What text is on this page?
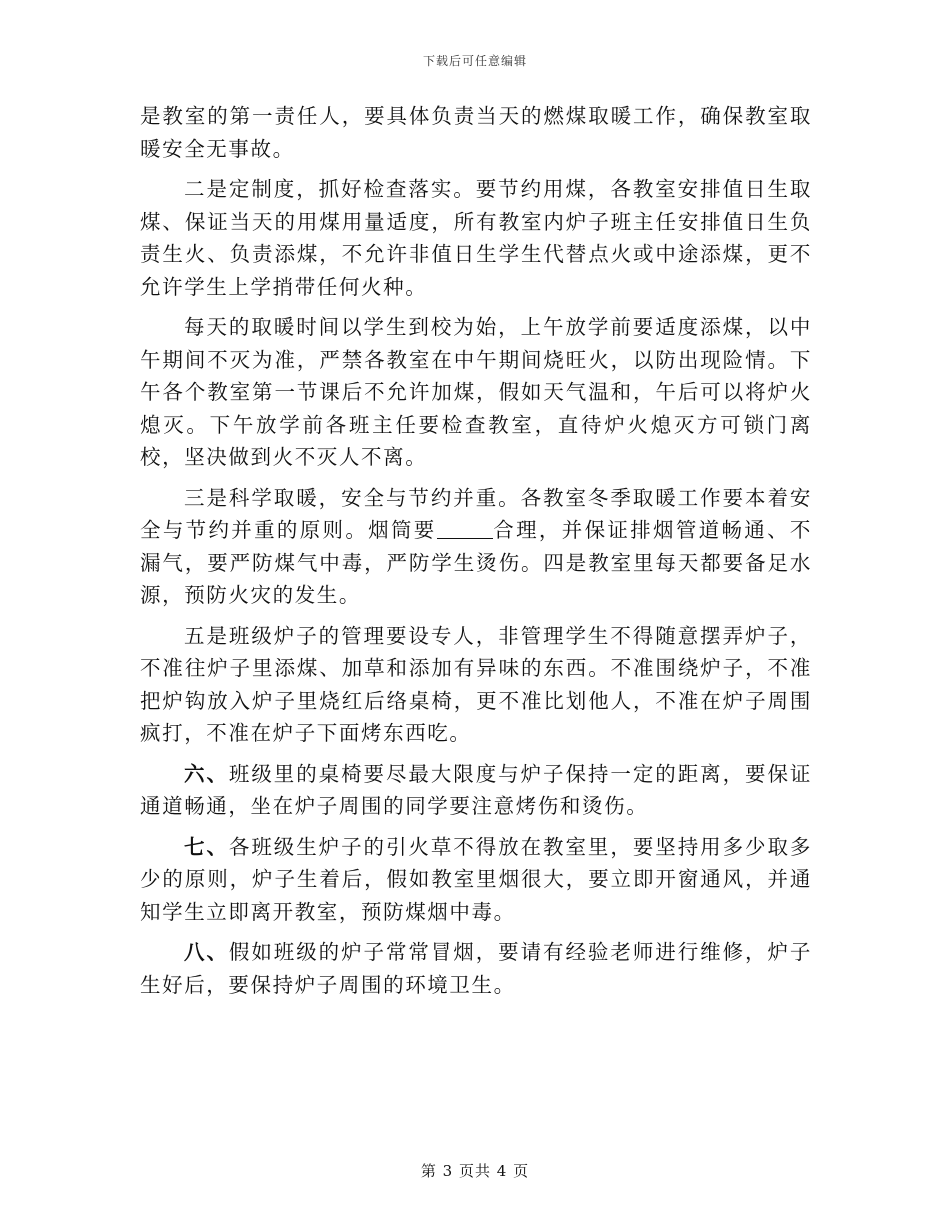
下载后可任意编辑

是教室的第一责任人，要具体负责当天的燃煤取暖工作，确保教室取暖安全无事故。

二是定制度，抓好检查落实。要节约用煤，各教室安排值日生取煤、保证当天的用煤用量适度，所有教室内炉子班主任安排值日生负责生火、负责添煤，不允许非值日生学生代替点火或中途添煤，更不允许学生上学捎带任何火种。

每天的取暖时间以学生到校为始，上午放学前要适度添煤，以中午期间不灭为准，严禁各教室在中午期间烧旺火，以防出现险情。下午各个教室第一节课后不允许加煤，假如天气温和，午后可以将炉火熄灭。下午放学前各班主任要检查教室，直待炉火熄灭方可锁门离校，坚决做到火不灭人不离。

三是科学取暖，安全与节约并重。各教室冬季取暖工作要本着安全与节约并重的原则。烟筒要	合理，并保证排烟管道畅通、不漏气，要严防煤气中毒，严防学生烫伤。四是教室里每天都要备足水源，预防火灾的发生。

五是班级炉子的管理要设专人，非管理学生不得随意摆弄炉子，不准往炉子里添煤、加草和添加有异味的东西。不准围绕炉子，不准把炉钩放入炉子里烧红后络桌椅，更不准比划他人，不准在炉子周围疯打，不准在炉子下面烤东西吃。

六、班级里的桌椅要尽最大限度与炉子保持一定的距离，要保证通道畅通，坐在炉子周围的同学要注意烤伤和烫伤。

七、各班级生炉子的引火草不得放在教室里，要坚持用多少取多少的原则，炉子生着后，假如教室里烟很大，要立即开窗通风，并通知学生立即离开教室，预防煤烟中毒。

八、假如班级的炉子常常冒烟，要请有经验老师进行维修，炉子生好后，要保持炉子周围的环境卫生。

第 3 页共 4 页
